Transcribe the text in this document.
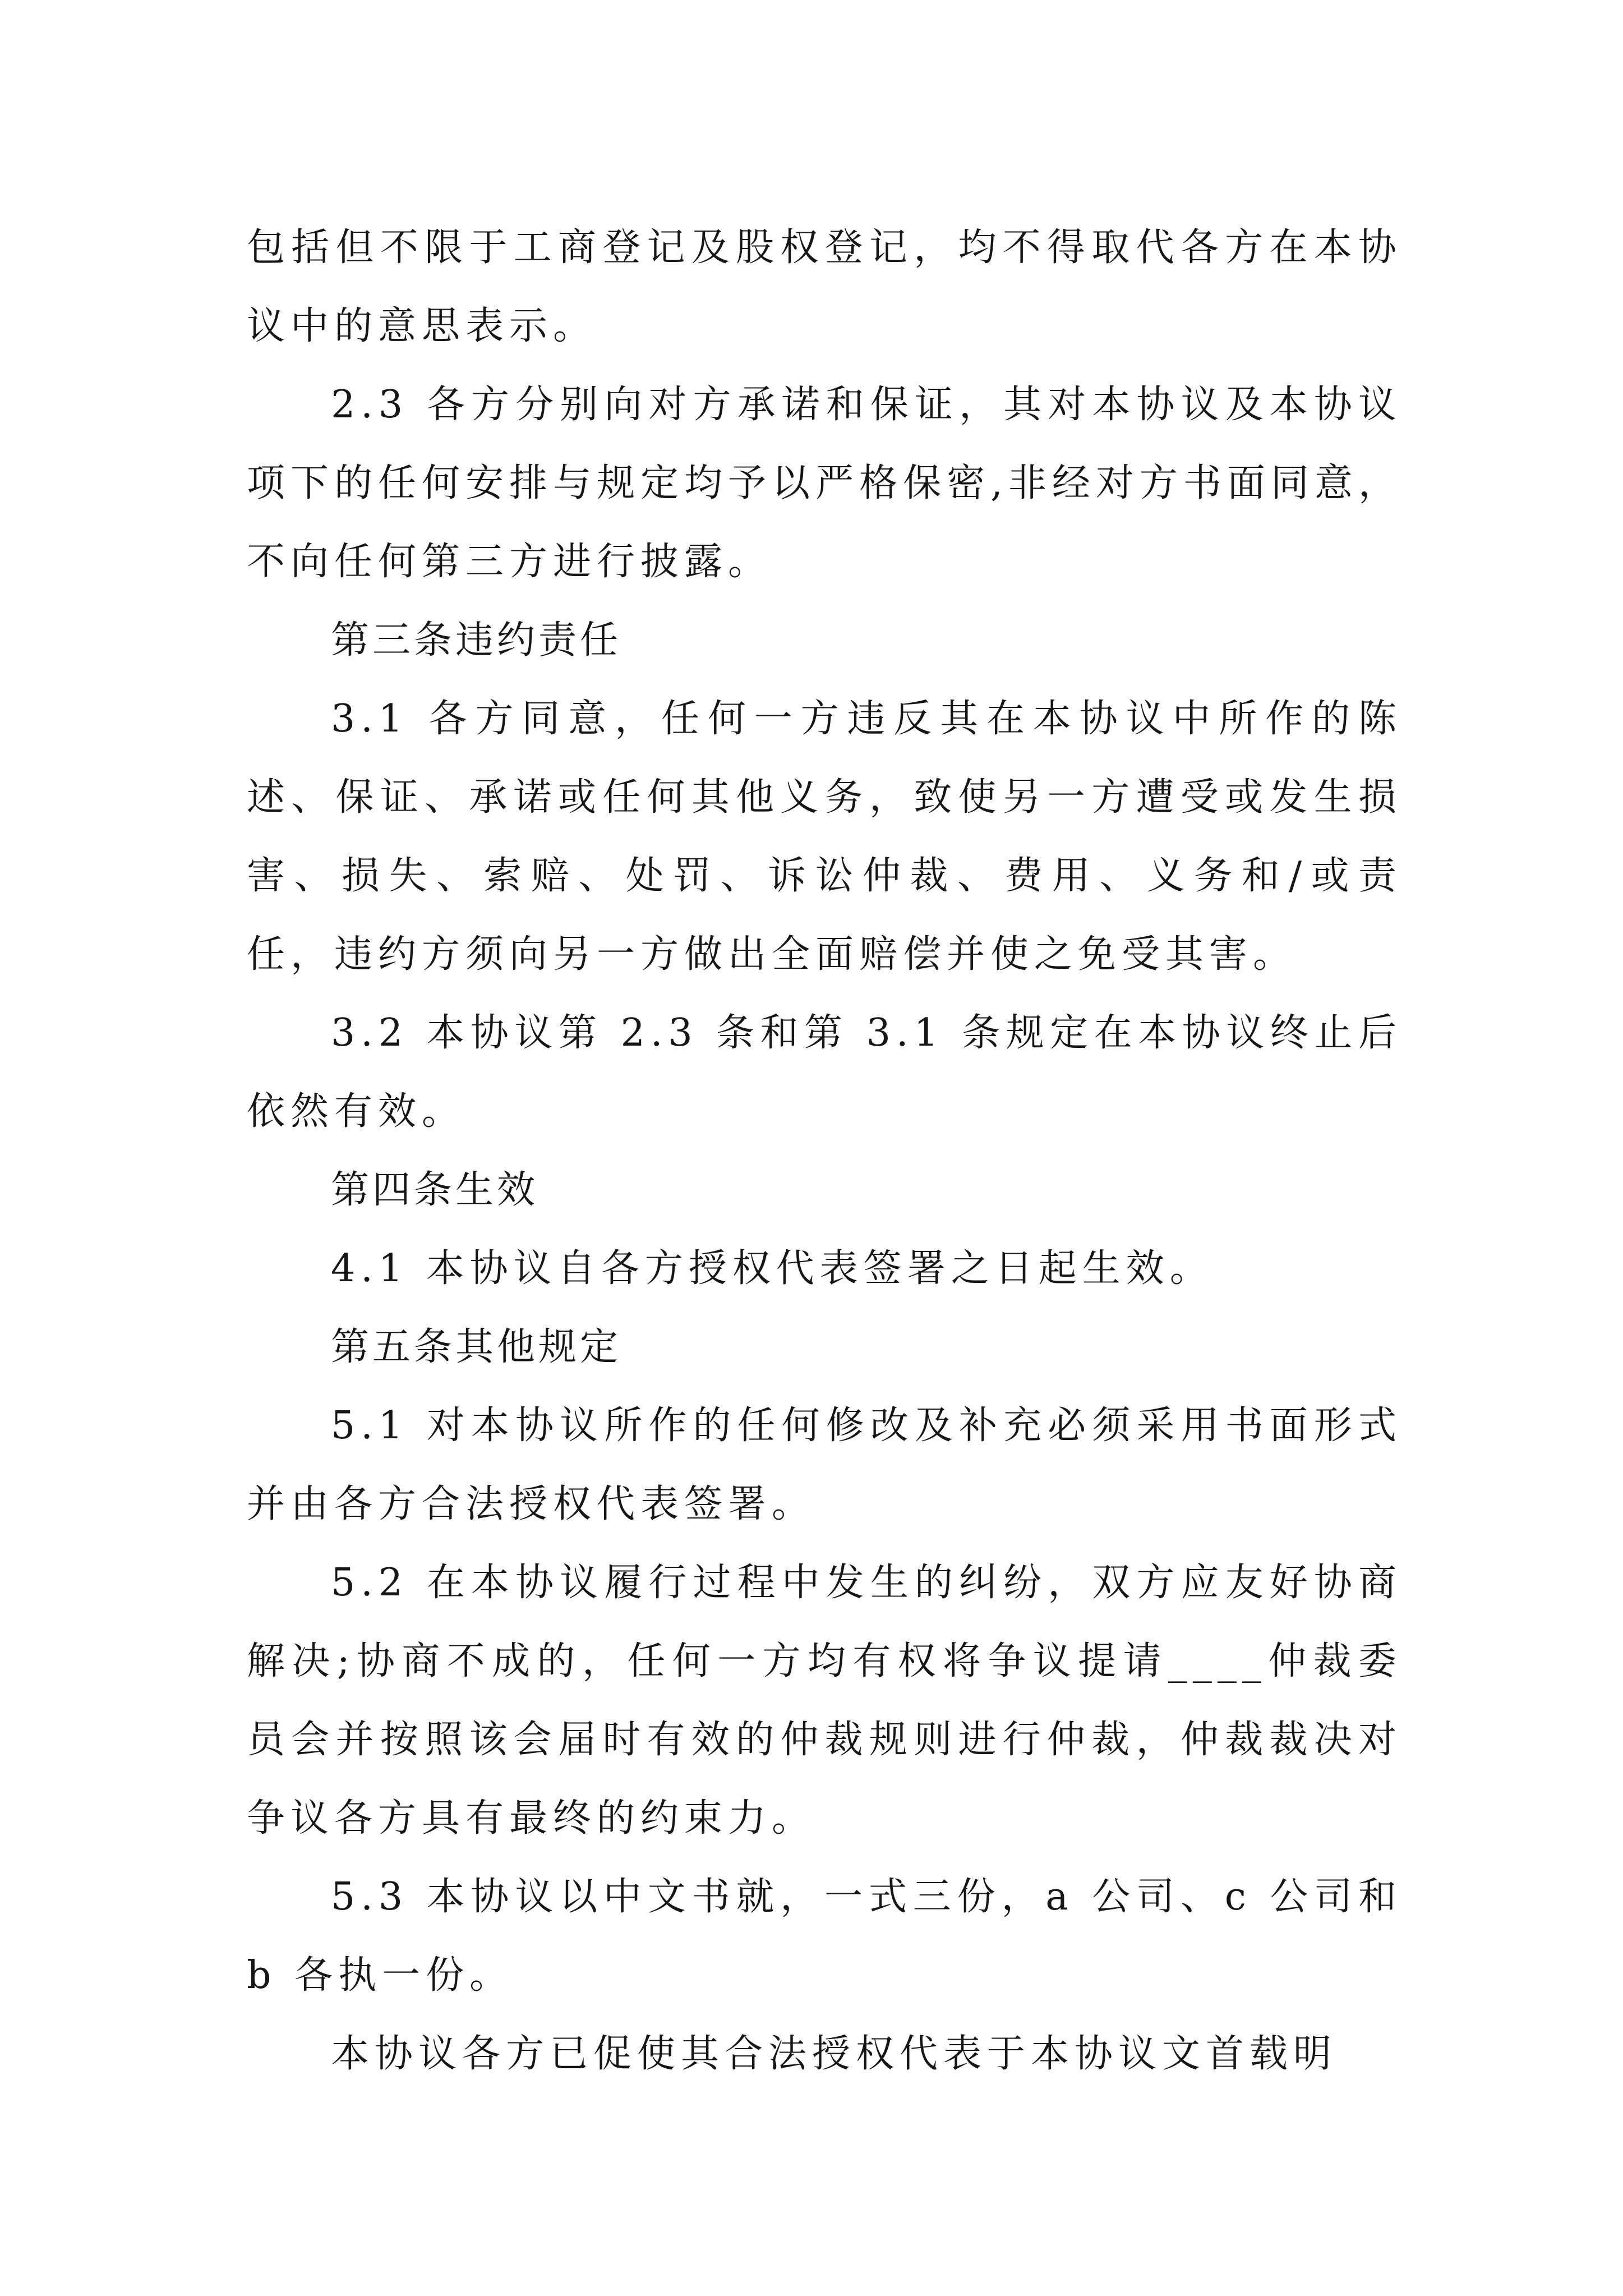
包括但不限于工商登记及股权登记，均不得取代各方在本协议中的意思表示。

2.3 各方分别向对方承诺和保证，其对本协议及本协议项下的任何安排与规定均予以严格保密,非经对方书面同意，不向任何第三方进行披露。

第三条违约责任

3.1 各方同意，任何一方违反其在本协议中所作的陈述、保证、承诺或任何其他义务，致使另一方遭受或发生损害、损失、索赔、处罚、诉讼仲裁、费用、义务和/或责任，违约方须向另一方做出全面赔偿并使之免受其害。

3.2 本协议第 2.3 条和第 3.1 条规定在本协议终止后依然有效。

第四条生效

4.1 本协议自各方授权代表签署之日起生效。

第五条其他规定

5.1 对本协议所作的任何修改及补充必须采用书面形式并由各方合法授权代表签署。

5.2 在本协议履行过程中发生的纠纷，双方应友好协商解决;协商不成的，任何一方均有权将争议提请____仲裁委员会并按照该会届时有效的仲裁规则进行仲裁，仲裁裁决对争议各方具有最终的约束力。

5.3 本协议以中文书就，一式三份，a 公司、c 公司和 b 各执一份。

本协议各方已促使其合法授权代表于本协议文首载明
